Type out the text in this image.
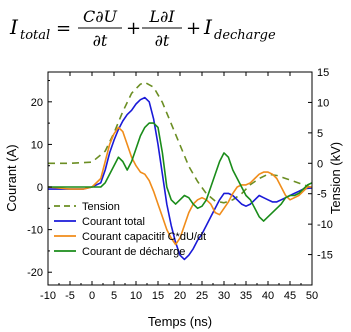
I total =
C∂U
∂t
+
L∂I
∂t
+ I decharge
-10 -5 0 5 10 15 20 25 30 35 40 45 50
-20
-10
0
10
20
-15
-10
-5
0
5
10
15
Courant (A)	Tension (kV)
Temps (ns)
Tension
Courant total
Courant capacitif C*dU/dt
Courant de décharge
